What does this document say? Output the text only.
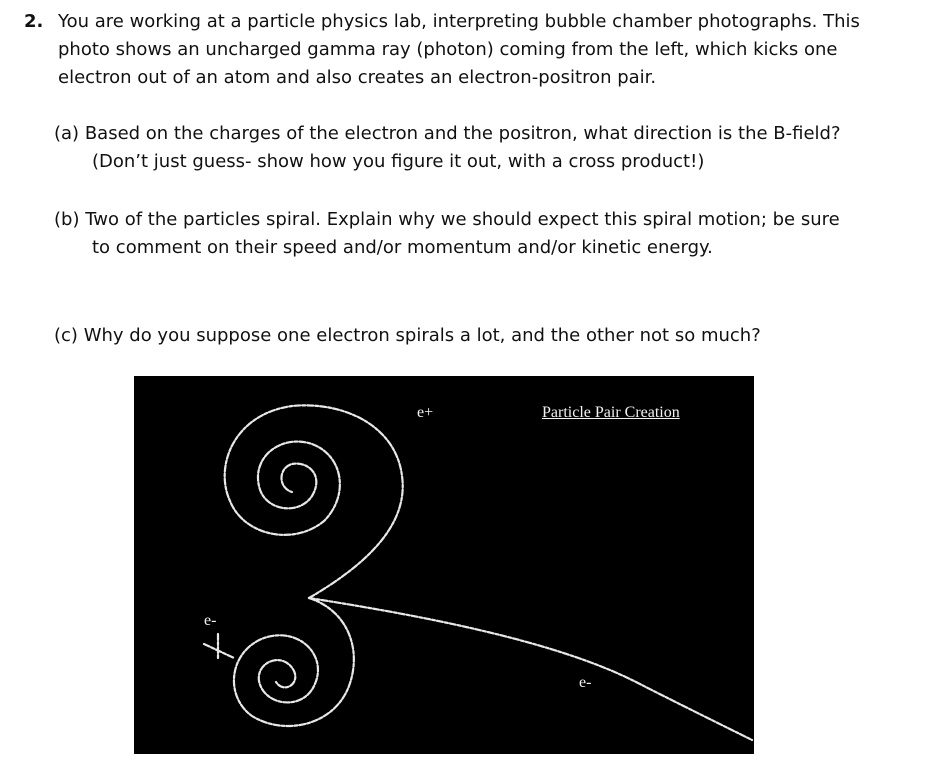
2. You are working at a particle physics lab, interpreting bubble chamber photographs. This photo shows an uncharged gamma ray (photon) coming from the left, which kicks one electron out of an atom and also creates an electron-positron pair.
(a) Based on the charges of the electron and the positron, what direction is the B-field?
(Don’t just guess- show how you figure it out, with a cross product!)
(b) Two of the particles spiral. Explain why we should expect this spiral motion; be sure
to comment on their speed and/or momentum and/or kinetic energy.
(c) Why do you suppose one electron spirals a lot, and the other not so much?
Particle Pair Creation
e+
e-
e-
